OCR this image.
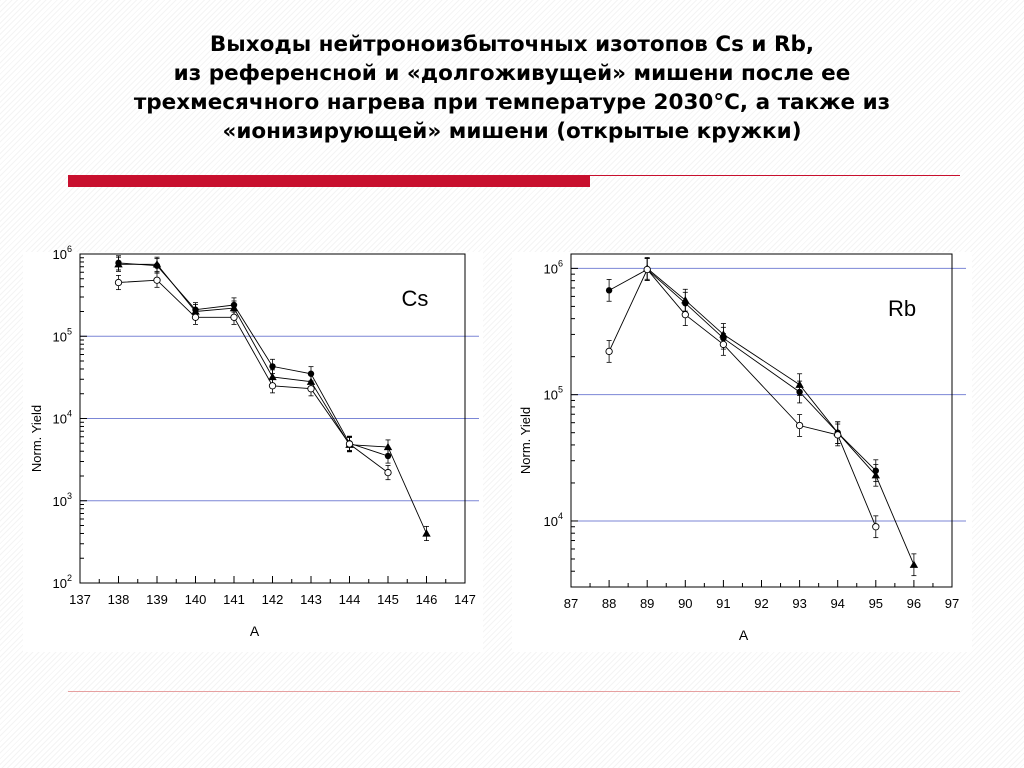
Выходы нейтроноизбыточных изотопов Cs и Rb,
из референсной и «долгоживущей» мишени после ее
трехмесячного нагрева при температуре 2030°C, а также из
«ионизирующей» мишени (открытые кружки)
$10^2$
$10^3$
$10^4$
$10^5$
$10^6$
137 138 139 140 141 142 143 144 145 146 147
A
Norm. Yield
Cs
$10^4$
$10^5$
$10^6$
87 88 89 90 91 92 93 94 95 96 97
A
Norm. Yield
Rb
